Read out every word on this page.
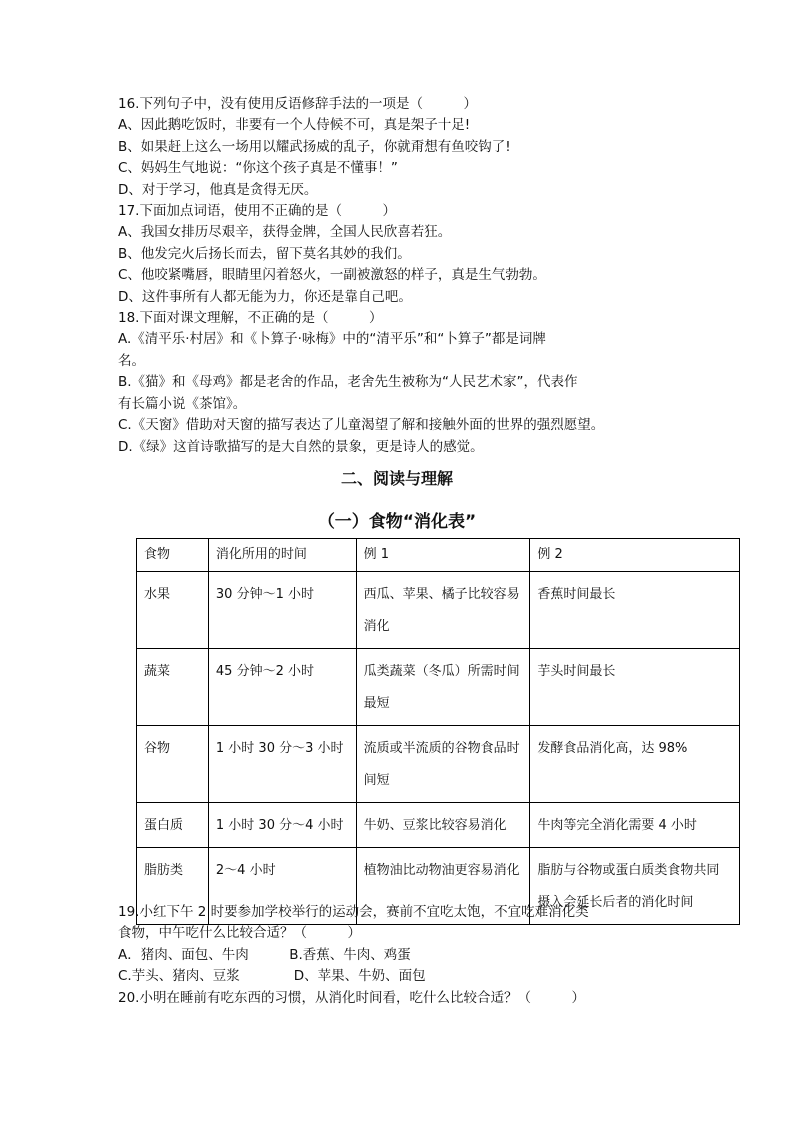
16.下列句子中，没有使用反语修辞手法的一项是（　　　）
A、因此鹅吃饭时，非要有一个人侍候不可，真是架子十足!
B、如果赶上这么一场用以耀武扬威的乱子，你就甭想有鱼咬钩了!
C、妈妈生气地说：“你这个孩子真是不懂事！”
D、对于学习，他真是贪得无厌。
17.下面加点词语，使用不正确的是（　　　）
A、我国女排历尽艰辛，获得金牌，全国人民欣喜若狂。
B、他发完火后扬长而去，留下莫名其妙的我们。
C、他咬紧嘴唇，眼睛里闪着怒火，一副被激怒的样子，真是生气勃勃。
D、这件事所有人都无能为力，你还是靠自己吧。
18.下面对课文理解，不正确的是（　　　）
A.《清平乐·村居》和《卜算子·咏梅》中的“清平乐”和“卜算子”都是词牌
名。
B.《猫》和《母鸡》都是老舍的作品，老舍先生被称为“人民艺术家”，代表作
有长篇小说《茶馆》。
C.《天窗》借助对天窗的描写表达了儿童渴望了解和接触外面的世界的强烈愿望。
D.《绿》这首诗歌描写的是大自然的景象，更是诗人的感觉。
二、阅读与理解
（一）食物“消化表”
食物	消化所用的时间	例 1	例 2
水果	30 分钟～1 小时	西瓜、苹果、橘子比较容易消化	香蕉时间最长
蔬菜	45 分钟～2 小时	瓜类蔬菜（冬瓜）所需时间最短	芋头时间最长
谷物	1 小时 30 分～3 小时	流质或半流质的谷物食品时间短	发酵食品消化高，达 98%
蛋白质	1 小时 30 分～4 小时	牛奶、豆浆比较容易消化	牛肉等完全消化需要 4 小时
脂肪类	2～4 小时	植物油比动物油更容易消化	脂肪与谷物或蛋白质类食物共同摄入会延长后者的消化时间
19.小红下午 2 时要参加学校举行的运动会，赛前不宜吃太饱，不宜吃难消化类
食物，中午吃什么比较合适？（　　　）
A．猪肉、面包、牛肉　　　B.香蕉、牛肉、鸡蛋
C.芋头、猪肉、豆浆　　　　D、苹果、牛奶、面包
20.小明在睡前有吃东西的习惯，从消化时间看，吃什么比较合适？（　　　）
